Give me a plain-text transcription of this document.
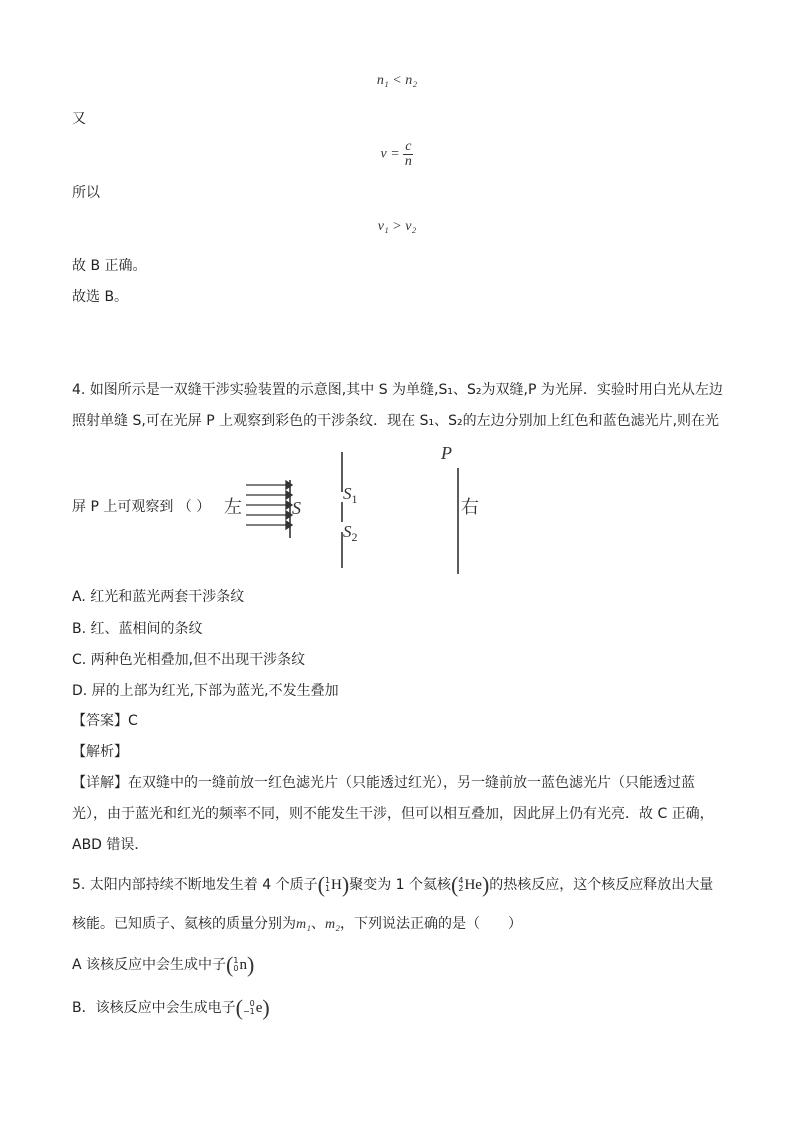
n₁ < n₂
又
$v = \frac{c}{n}$
所以
v₁ > v₂
故 B 正确。
故选 B。
4. 如图所示是一双缝干涉实验装置的示意图,其中 S 为单缝,S₁、S₂为双缝,P 为光屏．实验时用白光从左边
照射单缝 S,可在光屏 P 上观察到彩色的干涉条纹．现在 S₁、S₂的左边分别加上红色和蓝色滤光片,则在光
屏 P 上可观察到 （ ） 左	S
$S_1$
$S_2$
P
右
A. 红光和蓝光两套干涉条纹
B. 红、蓝相间的条纹
C. 两种色光相叠加,但不出现干涉条纹
D. 屏的上部为红光,下部为蓝光,不发生叠加
【答案】C
【解析】
【详解】在双缝中的一缝前放一红色滤光片（只能透过红光），另一缝前放一蓝色滤光片（只能透过蓝光），由于蓝光和红光的频率不同，则不能发生干涉，但可以相互叠加，因此屏上仍有光亮．故 C 正确，ABD 错误．
5. 太阳内部持续不断地发生着 4 个质子(1
1H)聚变为 1 个氦核(4
2He)的热核反应，这个核反应释放出大量
核能。已知质子、氦核的质量分别为m₁、m₂，下列说法正确的是（　　）
A 该核反应中会生成中子(1
0n)
B．该核反应中会生成电子( 0
−1e)
